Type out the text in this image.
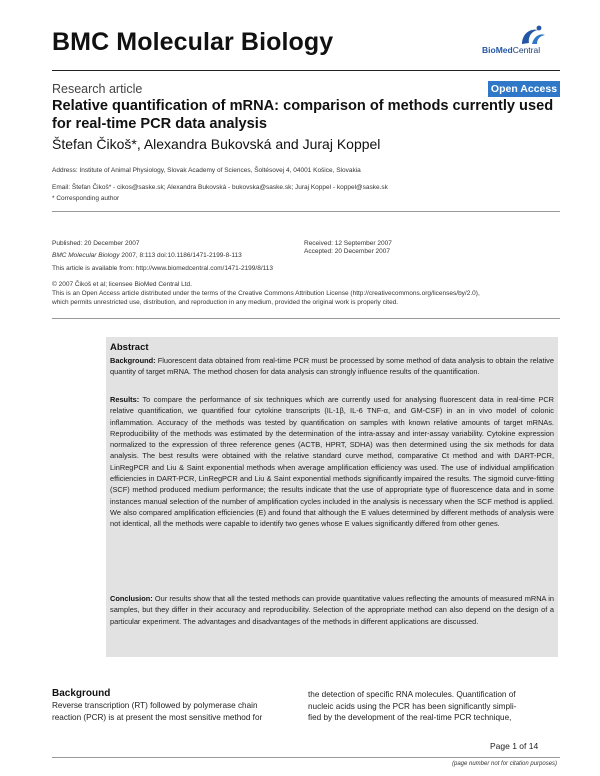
BMC Molecular Biology	BioMedCentral
Research article	Open Access
Relative quantification of mRNA: comparison of methods currently used for real-time PCR data analysis
Štefan Čikoš*, Alexandra Bukovská and Juraj Koppel
Address: Institute of Animal Physiology, Slovak Academy of Sciences, Šoltésovej 4, 04001 Košice, Slovakia
Email: Štefan Čikoš* - cikos@saske.sk; Alexandra Bukovská - bukovska@saske.sk; Juraj Koppel - koppel@saske.sk
* Corresponding author
Published: 20 December 2007
BMC Molecular Biology 2007, 8:113 doi:10.1186/1471-2199-8-113
Received: 12 September 2007
Accepted: 20 December 2007
This article is available from: http://www.biomedcentral.com/1471-2199/8/113
© 2007 Čikoš et al; licensee BioMed Central Ltd.
This is an Open Access article distributed under the terms of the Creative Commons Attribution License (http://creativecommons.org/licenses/by/2.0),
which permits unrestricted use, distribution, and reproduction in any medium, provided the original work is properly cited.
Abstract
Background: Fluorescent data obtained from real-time PCR must be processed by some method of data analysis to obtain the relative quantity of target mRNA. The method chosen for data analysis can strongly influence results of the quantification.
Results: To compare the performance of six techniques which are currently used for analysing fluorescent data in real-time PCR relative quantification, we quantified four cytokine transcripts (IL-1β, IL-6 TNF-α, and GM-CSF) in an in vivo model of colonic inflammation. Accuracy of the methods was tested by quantification on samples with known relative amounts of target mRNAs. Reproducibility of the methods was estimated by the determination of the intra-assay and inter-assay variability. Cytokine expression normalized to the expression of three reference genes (ACTB, HPRT, SDHA) was then determined using the six methods for data analysis. The best results were obtained with the relative standard curve method, comparative Ct method and with DART-PCR, LinRegPCR and Liu & Saint exponential methods when average amplification efficiency was used. The use of individual amplification efficiencies in DART-PCR, LinRegPCR and Liu & Saint exponential methods significantly impaired the results. The sigmoid curve-fitting (SCF) method produced medium performance; the results indicate that the use of appropriate type of fluorescence data and in some instances manual selection of the number of amplification cycles included in the analysis is necessary when the SCF method is applied. We also compared amplification efficiencies (E) and found that although the E values determined by different methods of analysis were not identical, all the methods were capable to identify two genes whose E values significantly differed from other genes.
Conclusion: Our results show that all the tested methods can provide quantitative values reflecting the amounts of measured mRNA in samples, but they differ in their accuracy and reproducibility. Selection of the appropriate method can also depend on the design of a particular experiment. The advantages and disadvantages of the methods in different applications are discussed.
Background
Reverse transcription (RT) followed by polymerase chain
reaction (PCR) is at present the most sensitive method for
the detection of specific RNA molecules. Quantification of
nucleic acids using the PCR has been significantly simpli-
fied by the development of the real-time PCR technique,
Page 1 of 14
(page number not for citation purposes)
